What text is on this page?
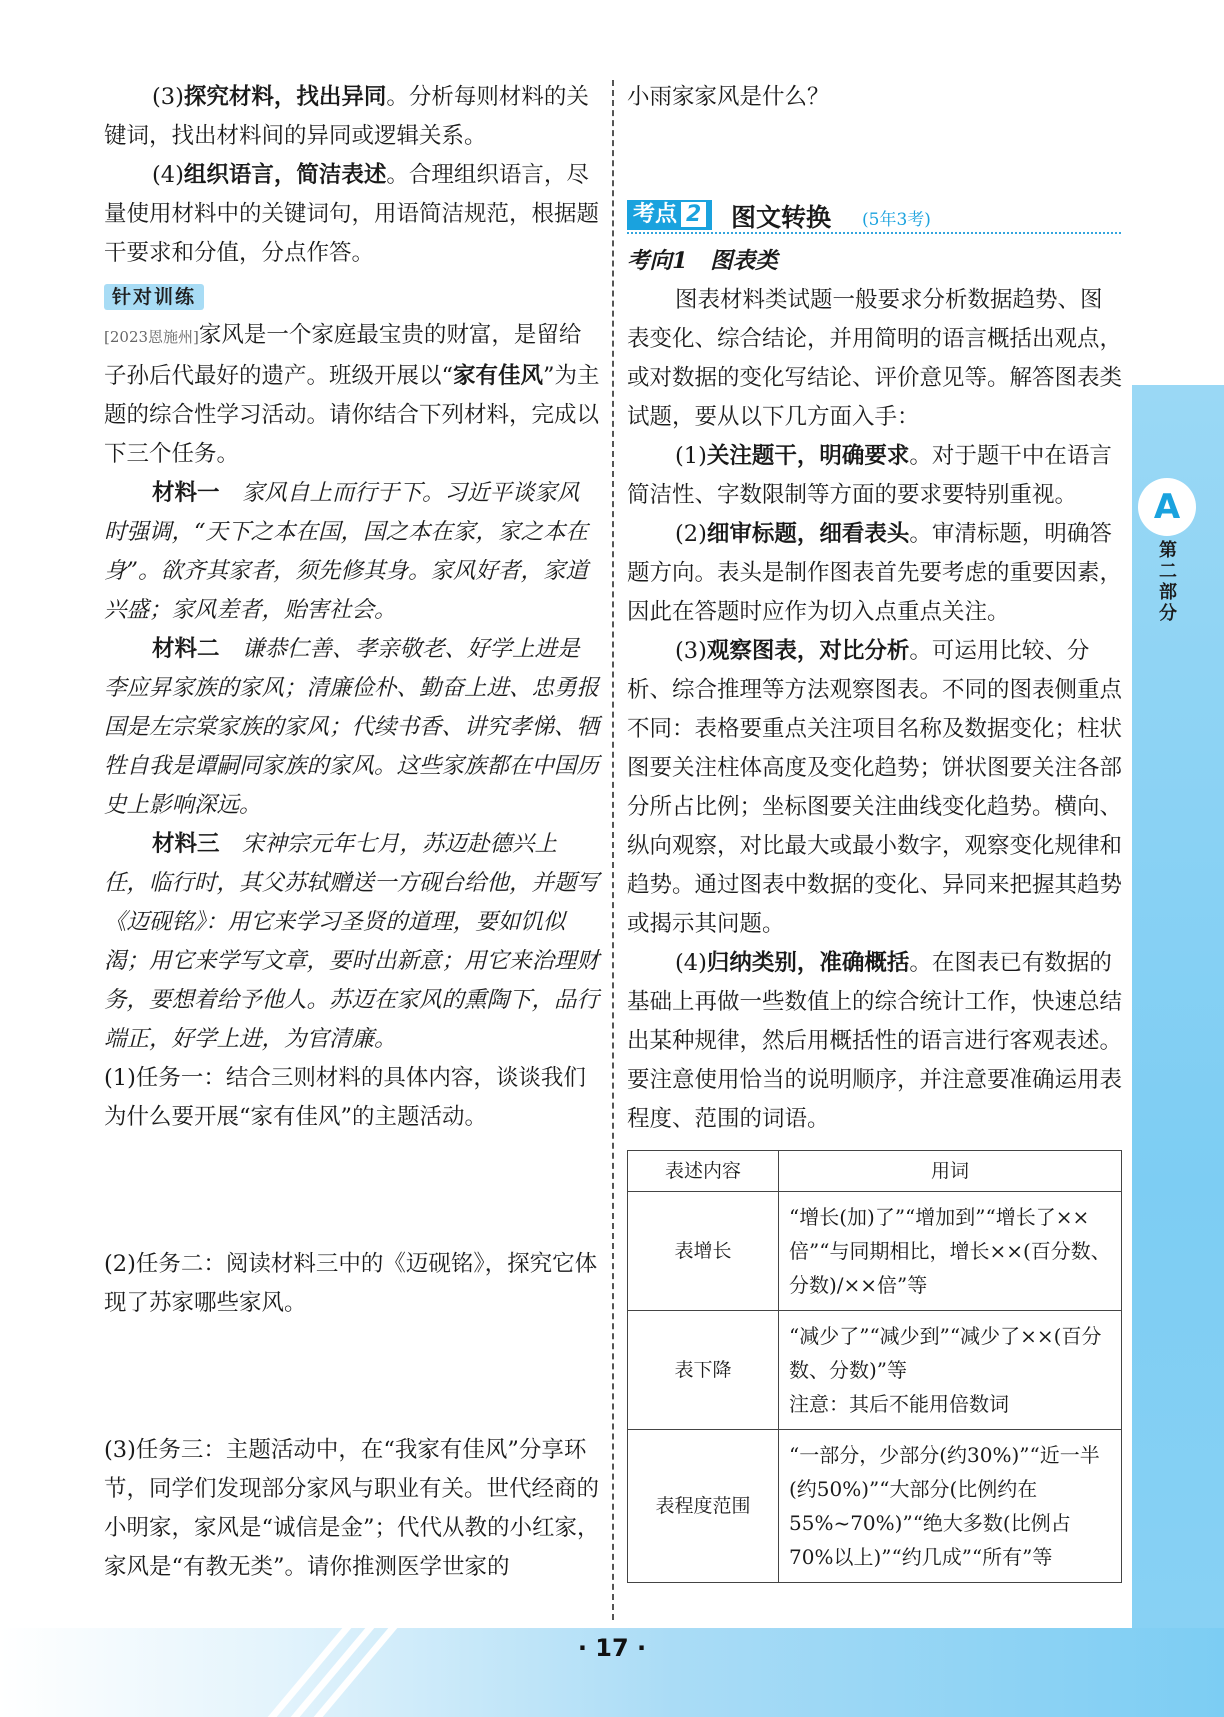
A
第二部分

(3)探究材料，找出异同。分析每则材料的关键词，找出材料间的异同或逻辑关系。

(4)组织语言，简洁表述。合理组织语言，尽量使用材料中的关键词句，用语简洁规范，根据题干要求和分值，分点作答。

针对训练

[2023恩施州]家风是一个家庭最宝贵的财富，是留给子孙后代最好的遗产。班级开展以“家有佳风”为主题的综合性学习活动。请你结合下列材料，完成以下三个任务。

材料一　 家风自上而行于下。习近平谈家风时强调，“天下之本在国，国之本在家，家之本在身”。欲齐其家者，须先修其身。家风好者，家道兴盛；家风差者，贻害社会。

材料二　 谦恭仁善、孝亲敬老、好学上进是李应昇家族的家风；清廉俭朴、勤奋上进、忠勇报国是左宗棠家族的家风；代续书香、讲究孝悌、牺牲自我是谭嗣同家族的家风。这些家族都在中国历史上影响深远。

材料三　 宋神宗元年七月，苏迈赴德兴上任，临行时，其父苏轼赠送一方砚台给他，并题写《迈砚铭》：用它来学习圣贤的道理，要如饥似渴；用它来学写文章，要时出新意；用它来治理财务，要想着给予他人。苏迈在家风的熏陶下，品行端正，好学上进，为官清廉。

(1)任务一：结合三则材料的具体内容，谈谈我们为什么要开展“家有佳风”的主题活动。

(2)任务二：阅读材料三中的《迈砚铭》，探究它体现了苏家哪些家风。

(3)任务三：主题活动中，在“我家有佳风”分享环节，同学们发现部分家风与职业有关。世代经商的小明家，家风是“诚信是金”；代代从教的小红家，家风是“有教无类”。请你推测医学世家的

小雨家家风是什么？

考点 2	图文转换 (5年3考)

考向1　图表类

图表材料类试题一般要求分析数据趋势、图表变化、综合结论，并用简明的语言概括出观点，或对数据的变化写结论、评价意见等。解答图表类试题，要从以下几方面入手：

(1)关注题干，明确要求。对于题干中在语言简洁性、字数限制等方面的要求要特别重视。

(2)细审标题，细看表头。审清标题，明确答题方向。表头是制作图表首先要考虑的重要因素，因此在答题时应作为切入点重点关注。

(3)观察图表，对比分析。可运用比较、分析、综合推理等方法观察图表。不同的图表侧重点不同：表格要重点关注项目名称及数据变化；柱状图要关注柱体高度及变化趋势；饼状图要关注各部分所占比例；坐标图要关注曲线变化趋势。横向、纵向观察，对比最大或最小数字，观察变化规律和趋势。通过图表中数据的变化、异同来把握其趋势或揭示其问题。

(4)归纳类别，准确概括。在图表已有数据的基础上再做一些数值上的综合统计工作，快速总结出某种规律，然后用概括性的语言进行客观表述。要注意使用恰当的说明顺序，并注意要准确运用表程度、范围的词语。

表述内容	用词
表增长	“增长(加)了”“增加到”“增长了××倍”“与同期相比，增长××(百分数、分数)/××倍”等
表下降	“减少了”“减少到”“减少了××(百分数、分数)”等
注意：其后不能用倍数词

表程度范围	“一部分，少部分(约30%)”“近一半(约50%)”“大部分(比例约在55%~70%)”“绝大多数(比例占70%以上)”“约几成”“所有”等
· 17 ·
